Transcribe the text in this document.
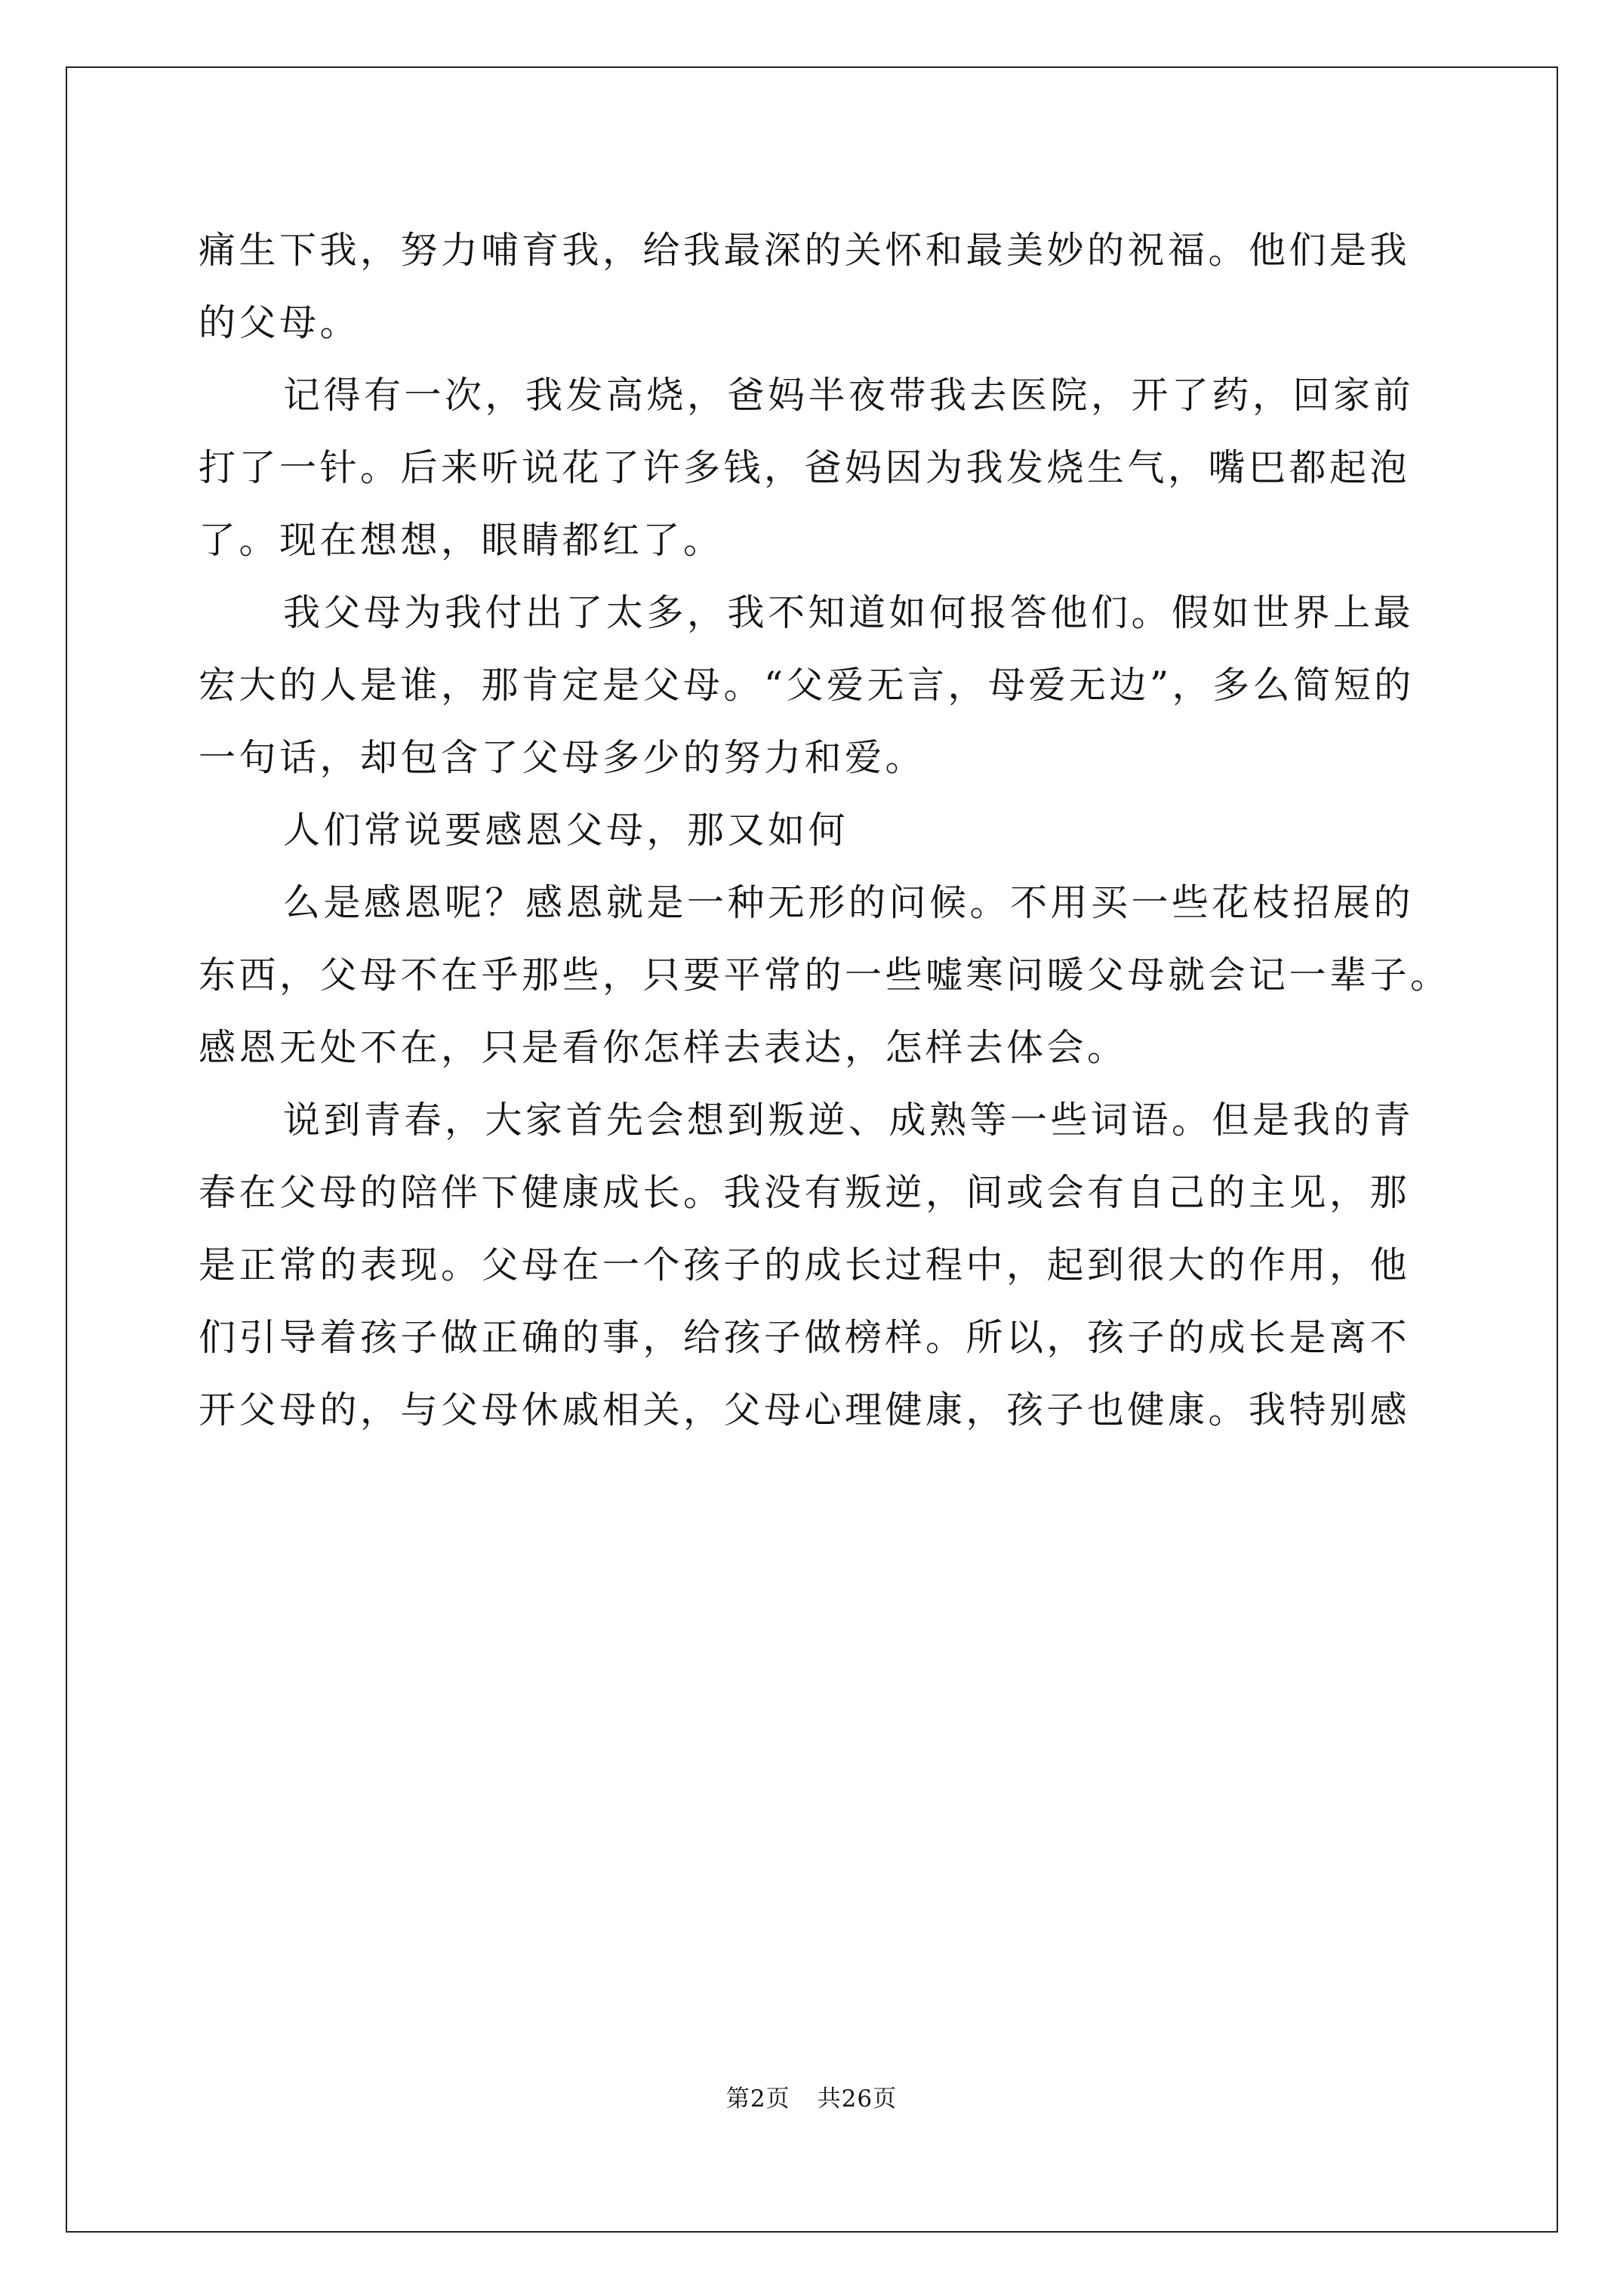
痛生下我，努力哺育我，给我最深的关怀和最美妙的祝福。他们是我
的父母。
记得有一次，我发高烧，爸妈半夜带我去医院，开了药，回家前
打了一针。后来听说花了许多钱，爸妈因为我发烧生气，嘴巴都起泡
了。现在想想，眼睛都红了。
我父母为我付出了太多，我不知道如何报答他们。假如世界上最
宏大的人是谁，那肯定是父母。“父爱无言，母爱无边”，多么简短的
一句话，却包含了父母多少的努力和爱。
人们常说要感恩父母，那又如何
么是感恩呢？感恩就是一种无形的问候。不用买一些花枝招展的
东西，父母不在乎那些，只要平常的一些嘘寒问暖父母就会记一辈子。
感恩无处不在，只是看你怎样去表达，怎样去体会。
说到青春，大家首先会想到叛逆、成熟等一些词语。但是我的青
春在父母的陪伴下健康成长。我没有叛逆，间或会有自己的主见，那
是正常的表现。父母在一个孩子的成长过程中，起到很大的作用，他
们引导着孩子做正确的事，给孩子做榜样。所以，孩子的成长是离不
开父母的，与父母休戚相关，父母心理健康，孩子也健康。我特别感
第2页 共26页
